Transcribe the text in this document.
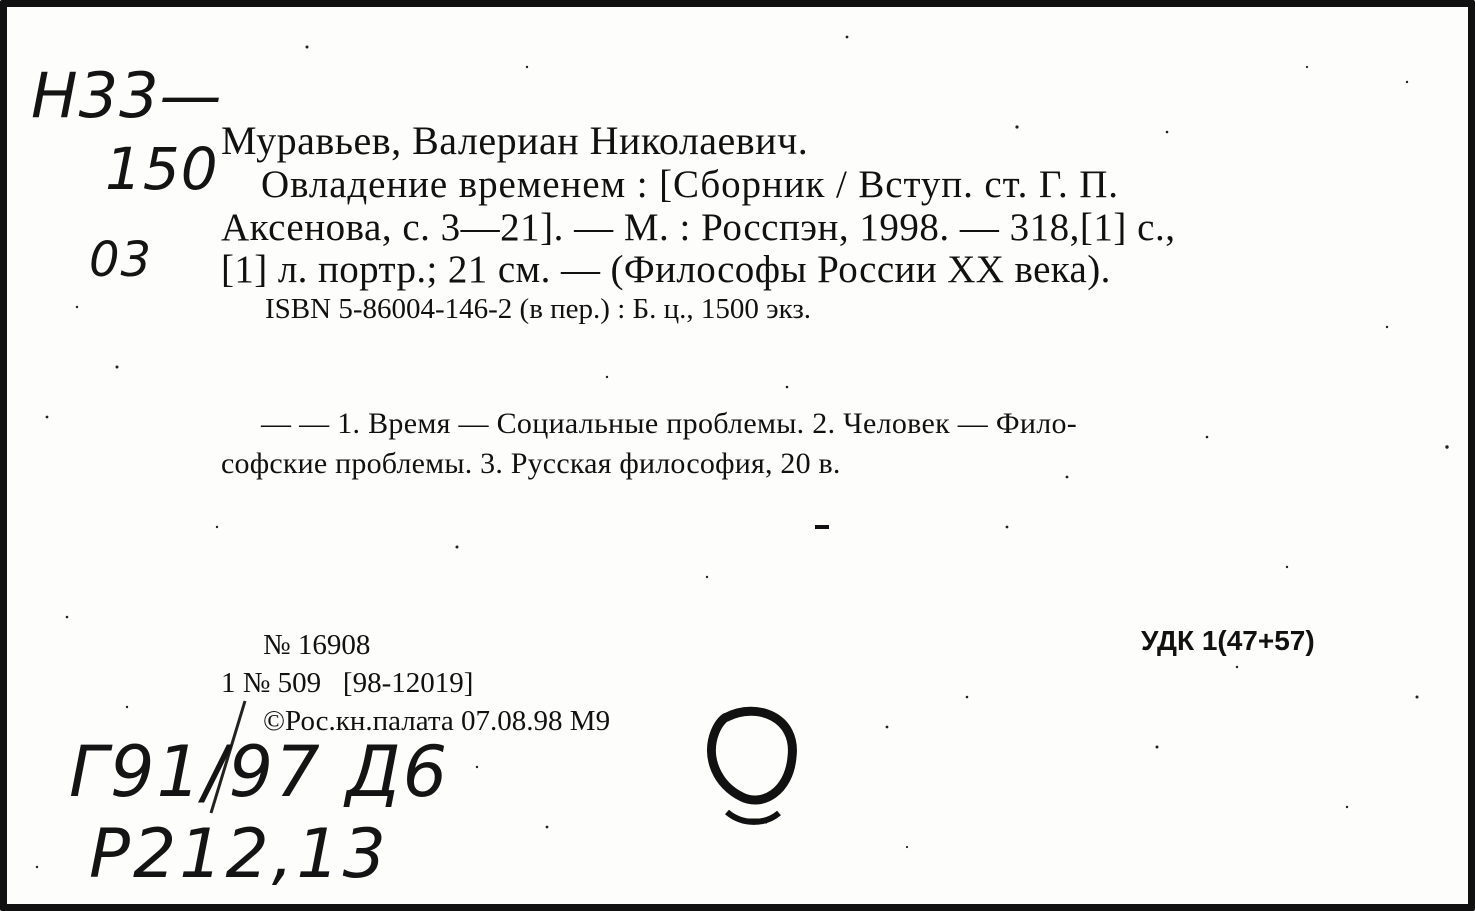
Н33—
150
03
Муравьев, Валериан Николаевич.
Овладение временем : [Сборник / Вступ. ст. Г. П.
Аксенова, с. 3—21]. — М. : Росспэн, 1998. — 318,[1] с.,
[1] л. портр.; 21 см. — (Философы России XX века).
ISBN 5-86004-146-2 (в пер.) : Б. ц., 1500 экз.
— — 1. Время — Социальные проблемы. 2. Человек — Фило-
софские проблемы. 3. Русская философия, 20 в.
№ 16908
1 № 509   [98-12019]
©Рос.кн.палата 07.08.98 М9
УДК 1(47+57)
Г91/97 Д6
Р212,13
